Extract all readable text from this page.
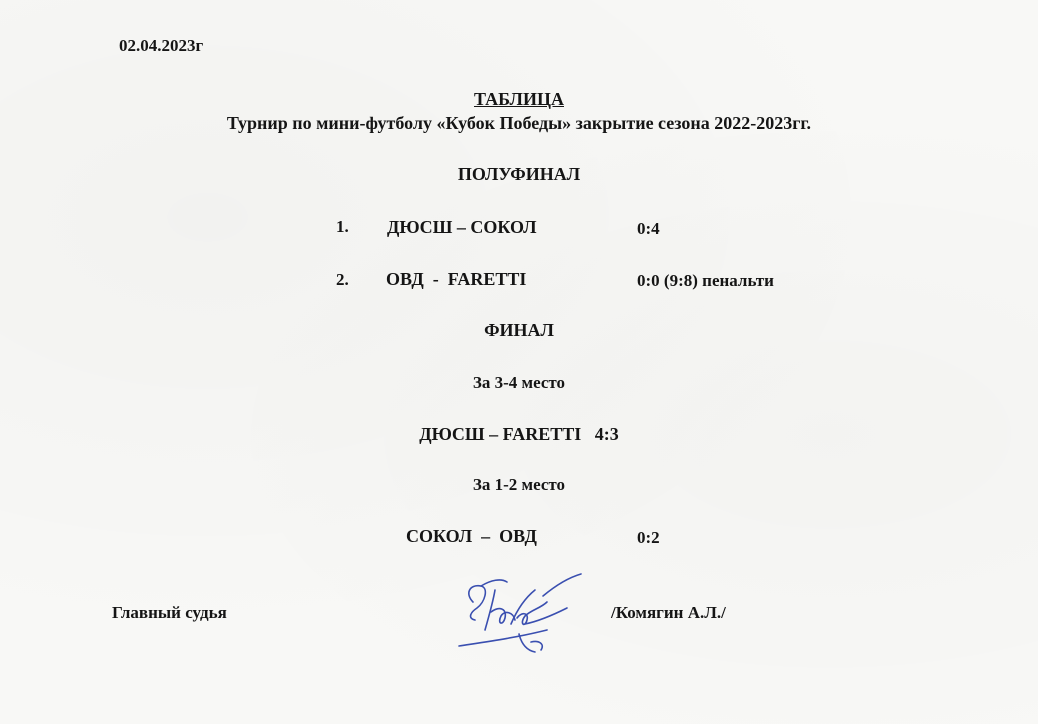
02.04.2023г
ТАБЛИЦА
Турнир по мини-футболу «Кубок Победы» закрытие сезона 2022-2023гг.
ПОЛУФИНАЛ
1. ДЮСШ – СОКОЛ	0:4
2. ОВД  -  FARETTI	0:0 (9:8) пенальти
ФИНАЛ
За 3-4 место
ДЮСШ – FARETTI   4:3
За 1-2 место
СОКОЛ  –  ОВД	0:2
Главный судья	/Комягин А.Л./
